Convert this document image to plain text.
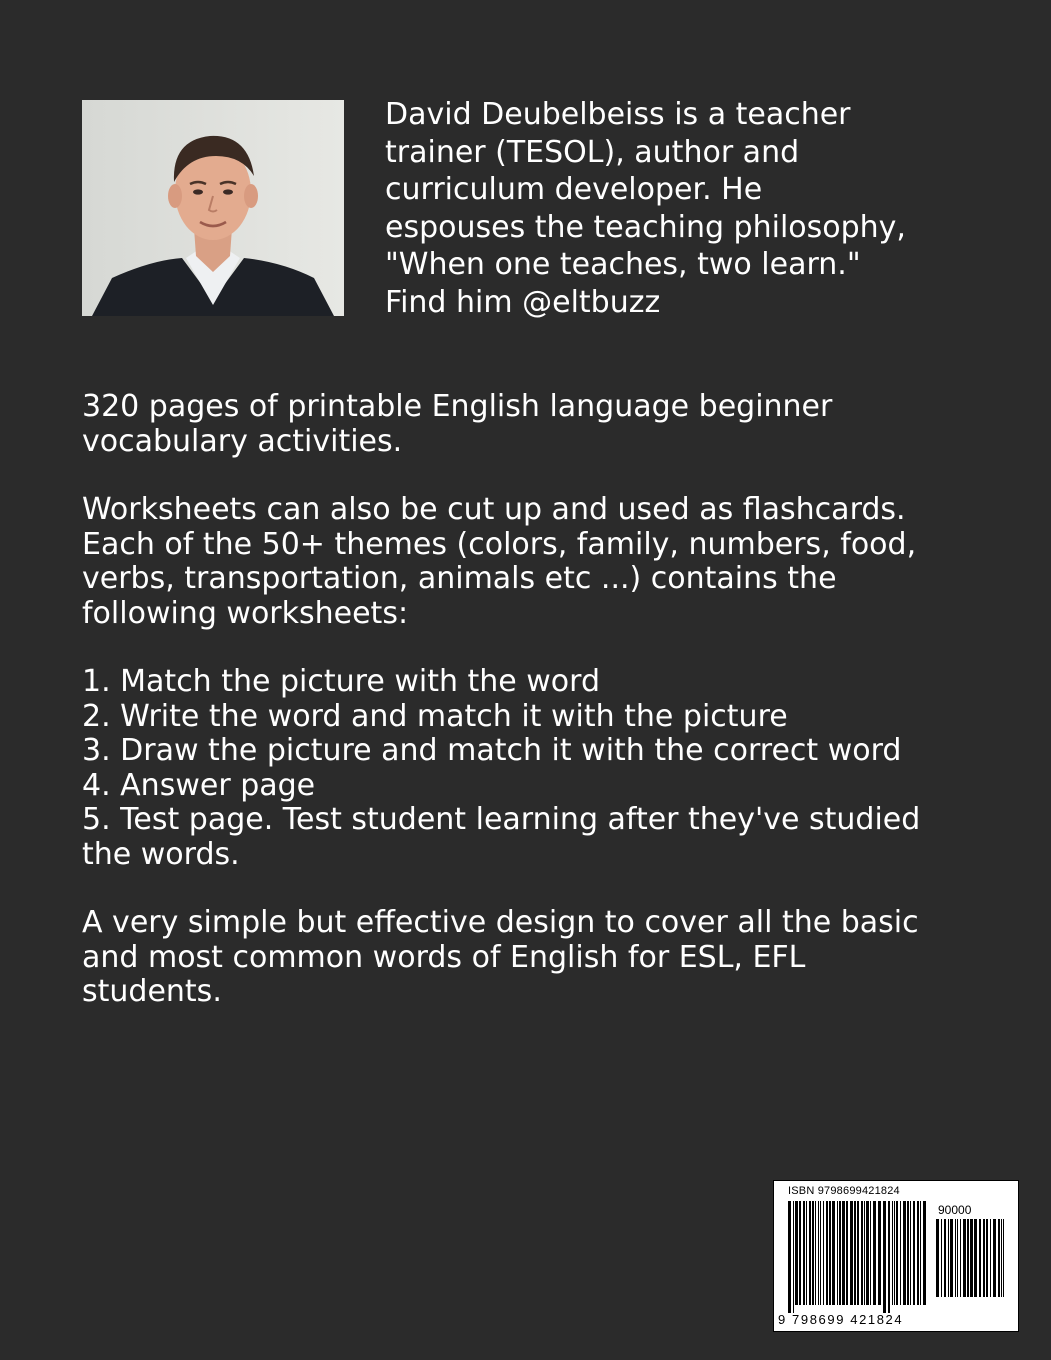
David Deubelbeiss is a teacher
trainer (TESOL), author and
curriculum developer. He
espouses the teaching philosophy,
"When one teaches, two learn."
Find him @eltbuzz

320 pages of printable English language beginner
vocabulary activities.

Worksheets can also be cut up and used as flashcards.
Each of the 50+ themes (colors, family, numbers, food,
verbs, transportation, animals etc ...) contains the
following worksheets:

1. Match the picture with the word
2. Write the word and match it with the picture
3. Draw the picture and match it with the correct word
4. Answer page
5. Test page. Test student learning after they've studied
the words.

A very simple but effective design to cover all the basic
and most common words of English for ESL, EFL
students.

ISBN 9798699421824
90000
9 798699 421824
